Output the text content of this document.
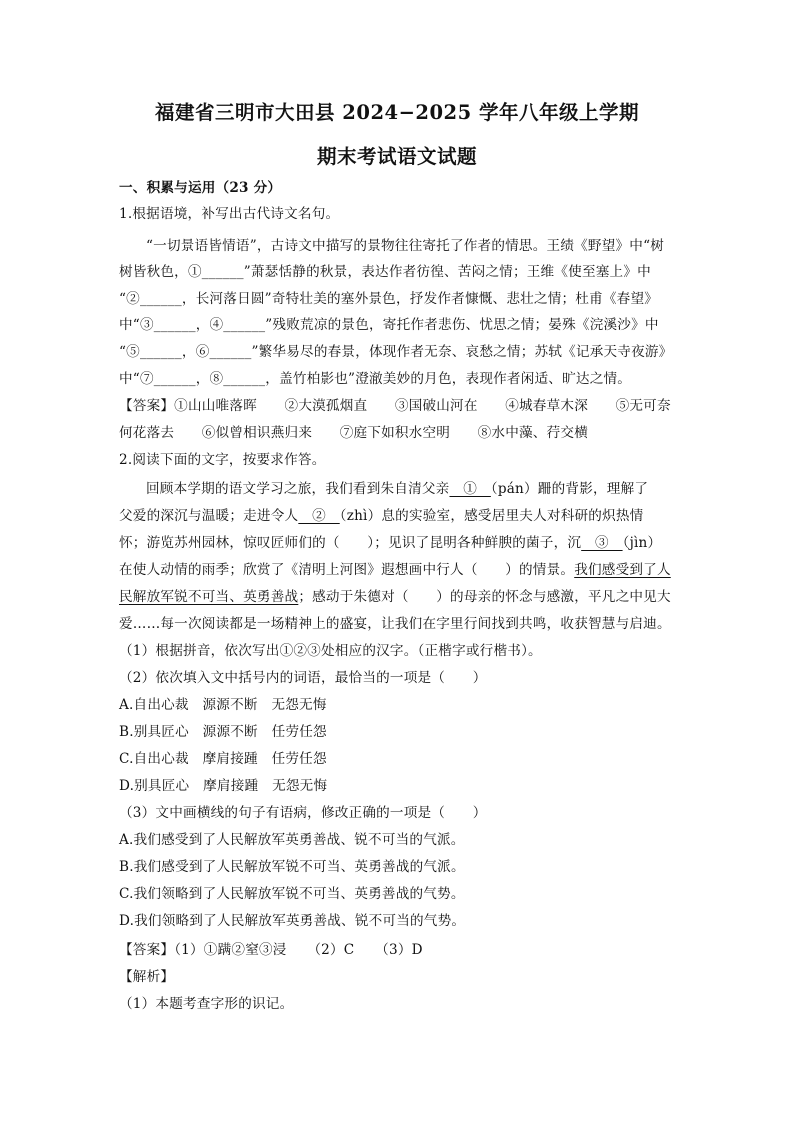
福建省三明市大田县 2024−2025 学年八年级上学期
期末考试语文试题
一、积累与运用（23 分）
1.根据语境，补写出古代诗文名句。
“一切景语皆情语”，古诗文中描写的景物往往寄托了作者的情思。王绩《野望》中“树
树皆秋色，①______”萧瑟恬静的秋景，表达作者彷徨、苦闷之情；王维《使至塞上》中
“②______，长河落日圆”奇特壮美的塞外景色，抒发作者慷慨、悲壮之情；杜甫《春望》
中“③______，④______”残败荒凉的景色，寄托作者悲伤、忧思之情；晏殊《浣溪沙》中
“⑤______，⑥______”繁华易尽的春景，体现作者无奈、哀愁之情；苏轼《记承天寺夜游》
中“⑦______，⑧______，盖竹柏影也”澄澈美妙的月色，表现作者闲适、旷达之情。
【答案】①山山唯落晖　　②大漠孤烟直　　③国破山河在　　④城春草木深　　⑤无可奈
何花落去　　⑥似曾相识燕归来　　⑦庭下如积水空明　　⑧水中藻、荇交横
2.阅读下面的文字，按要求作答。
回顾本学期的语文学习之旅，我们看到朱自清父亲　①　（pán）跚的背影，理解了
父爱的深沉与温暖；走进令人　②　（zhì）息的实验室，感受居里夫人对科研的炽热情
怀；游览苏州园林，惊叹匠师们的（　　）；见识了昆明各种鲜腴的菌子，沉　③　（jìn）
在使人动情的雨季；欣赏了《清明上河图》遐想画中行人（　　）的情景。我们感受到了人
民解放军锐不可当、英勇善战；感动于朱德对（　　）的母亲的怀念与感激，平凡之中见大
爱……每一次阅读都是一场精神上的盛宴，让我们在字里行间找到共鸣，收获智慧与启迪。
（1）根据拼音，依次写出①②③处相应的汉字。（正楷字或行楷书）。
（2）依次填入文中括号内的词语，最恰当的一项是（　　）
A.自出心裁　源源不断　无怨无悔
B.别具匠心　源源不断　任劳任怨
C.自出心裁　摩肩接踵　任劳任怨
D.别具匠心　摩肩接踵　无怨无悔
（3）文中画横线的句子有语病，修改正确的一项是（　　）
A.我们感受到了人民解放军英勇善战、锐不可当的气派。
B.我们感受到了人民解放军锐不可当、英勇善战的气派。
C.我们领略到了人民解放军锐不可当、英勇善战的气势。
D.我们领略到了人民解放军英勇善战、锐不可当的气势。
【答案】（1）①蹒②窒③浸　　（2）C　　（3）D
【解析】
（1）本题考查字形的识记。
